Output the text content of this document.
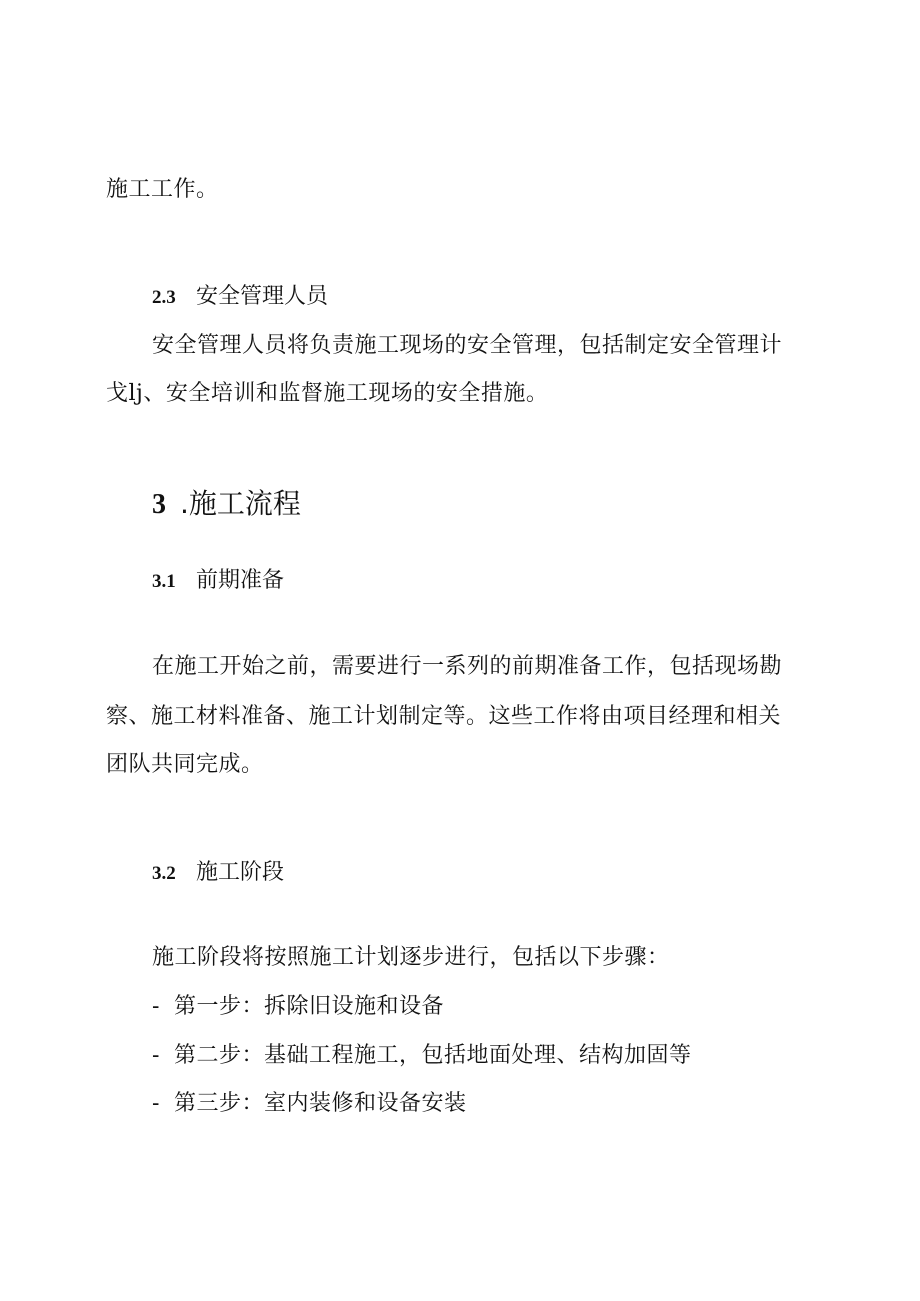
施工工作。
2.3 安全管理人员
安全管理人员将负责施工现场的安全管理，包括制定安全管理计
戈lj、安全培训和监督施工现场的安全措施。
3 .施工流程
3.1 前期准备
在施工开始之前，需要进行一系列的前期准备工作，包括现场勘
察、施工材料准备、施工计划制定等。这些工作将由项目经理和相关
团队共同完成。
3.2 施工阶段
施工阶段将按照施工计划逐步进行，包括以下步骤：
- 第一步：拆除旧设施和设备
- 第二步：基础工程施工，包括地面处理、结构加固等
- 第三步：室内装修和设备安装
